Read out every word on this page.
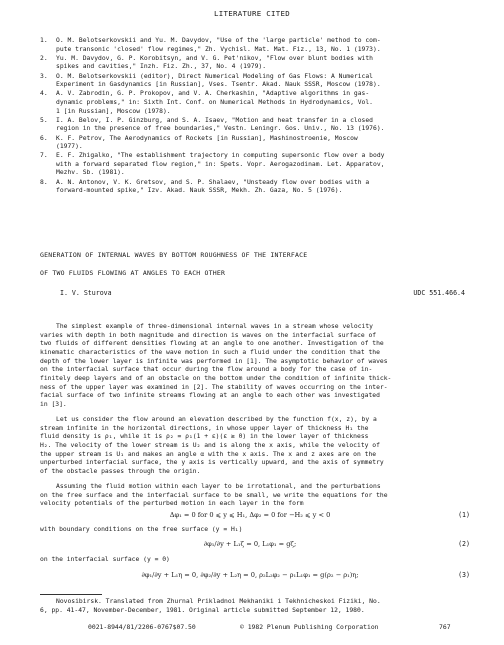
LITERATURE CITED
1.	O. M. Belotserkovskii and Yu. M. Davydov, "Use of the 'large particle' method to com-
pute transonic 'closed' flow regimes," Zh. Vychisl. Mat. Mat. Fiz., 13, No. 1 (1973).
2.	Yu. M. Davydov, G. P. Korobitsyn, and V. G. Pet'nikov, "Flow over blunt bodies with
spikes and cavities," Inzh. Fiz. Zh., 37, No. 4 (1979).
3.	O. M. Belotserkovskii (editor), Direct Numerical Modeling of Gas Flows: A Numerical
Experiment in Gasdynamics [in Russian], Vses. Tsentr. Akad. Nauk SSSR, Moscow (1978).
4.	A. V. Zabrodin, G. P. Prokopov, and V. A. Cherkashin, "Adaptive algorithms in gas-
dynamic problems," in: Sixth Int. Conf. on Numerical Methods in Hydrodynamics, Vol.
1 [in Russian], Moscow (1978).
5.	I. A. Belov, I. P. Ginzburg, and S. A. Isaev, "Motion and heat transfer in a closed
region in the presence of free boundaries," Vestn. Leningr. Gos. Univ., No. 13 (1976).
6.	K. F. Petrov, The Aerodynamics of Rockets [in Russian], Mashinostroenie, Moscow
(1977).
7.	E. F. Zhigalko, "The establishment trajectory in computing supersonic flow over a body
with a forward separated flow region," in: Spets. Vopr. Aerogazodinam. Let. Apparatov,
Mezhv. Sb. (1981).
8.	A. N. Antonov, V. K. Gretsov, and S. P. Shalaev, "Unsteady flow over bodies with a
forward-mounted spike," Izv. Akad. Nauk SSSR, Mekh. Zh. Gaza, No. 5 (1976).
GENERATION OF INTERNAL WAVES BY BOTTOM ROUGHNESS OF THE INTERFACE
OF TWO FLUIDS FLOWING AT ANGLES TO EACH OTHER
I. V. Sturova	UDC 551.466.4
The simplest example of three-dimensional internal waves in a stream whose velocity
varies with depth in both magnitude and direction is waves on the interfacial surface of
two fluids of different densities flowing at an angle to one another. Investigation of the
kinematic characteristics of the wave motion in such a fluid under the condition that the
depth of the lower layer is infinite was performed in [1]. The asymptotic behavior of waves
on the interfacial surface that occur during the flow around a body for the case of in-
finitely deep layers and of an obstacle on the bottom under the condition of infinite thick-
ness of the upper layer was examined in [2]. The stability of waves occurring on the inter-
facial surface of two infinite streams flowing at an angle to each other was investigated
in [3].
Let us consider the flow around an elevation described by the function f(x, z), by a
stream infinite in the horizontal directions, in whose upper layer of thickness H₁ the
fluid density is ρ₁, while it is ρ₂ = ρ₁(1 + ε)(ε ≥ 0) in the lower layer of thickness
H₂. The velocity of the lower stream is U₂ and is along the x axis, while the velocity of
the upper stream is U₁ and makes an angle α with the x axis. The x and z axes are on the
unperturbed interfacial surface, the y axis is vertically upward, and the axis of symmetry
of the obstacle passes through the origin.
Assuming the fluid motion within each layer to be irrotational, and the perturbations
on the free surface and the interfacial surface to be small, we write the equations for the
velocity potentials of the perturbed motion in each layer in the form
Δφ₁ = 0 for 0 ⩽ y ⩽ H₁, Δφ₂ = 0 for −H₂ ⩽ y < 0	(1)
with boundary conditions on the free surface (y = H₁)
∂φ₁/∂y + L₁ζ = 0, L₁φ₁ = gζ;	(2)
on the interfacial surface (y = 0)
∂φ₁/∂y + L₁η = 0, ∂φ₂/∂y + L₂η = 0, ρ₂L₂φ₂ − ρ₁L₁φ₁ = g(ρ₂ − ρ₁)η;	(3)
Novosibirsk. Translated from Zhurnal Prikladnoi Mekhaniki i Tekhnicheskoi Fiziki, No.
6, pp. 41-47, November-December, 1981. Original article submitted September 12, 1980.
0021-8944/81/2206-0767$07.50	© 1982 Plenum Publishing Corporation	767
